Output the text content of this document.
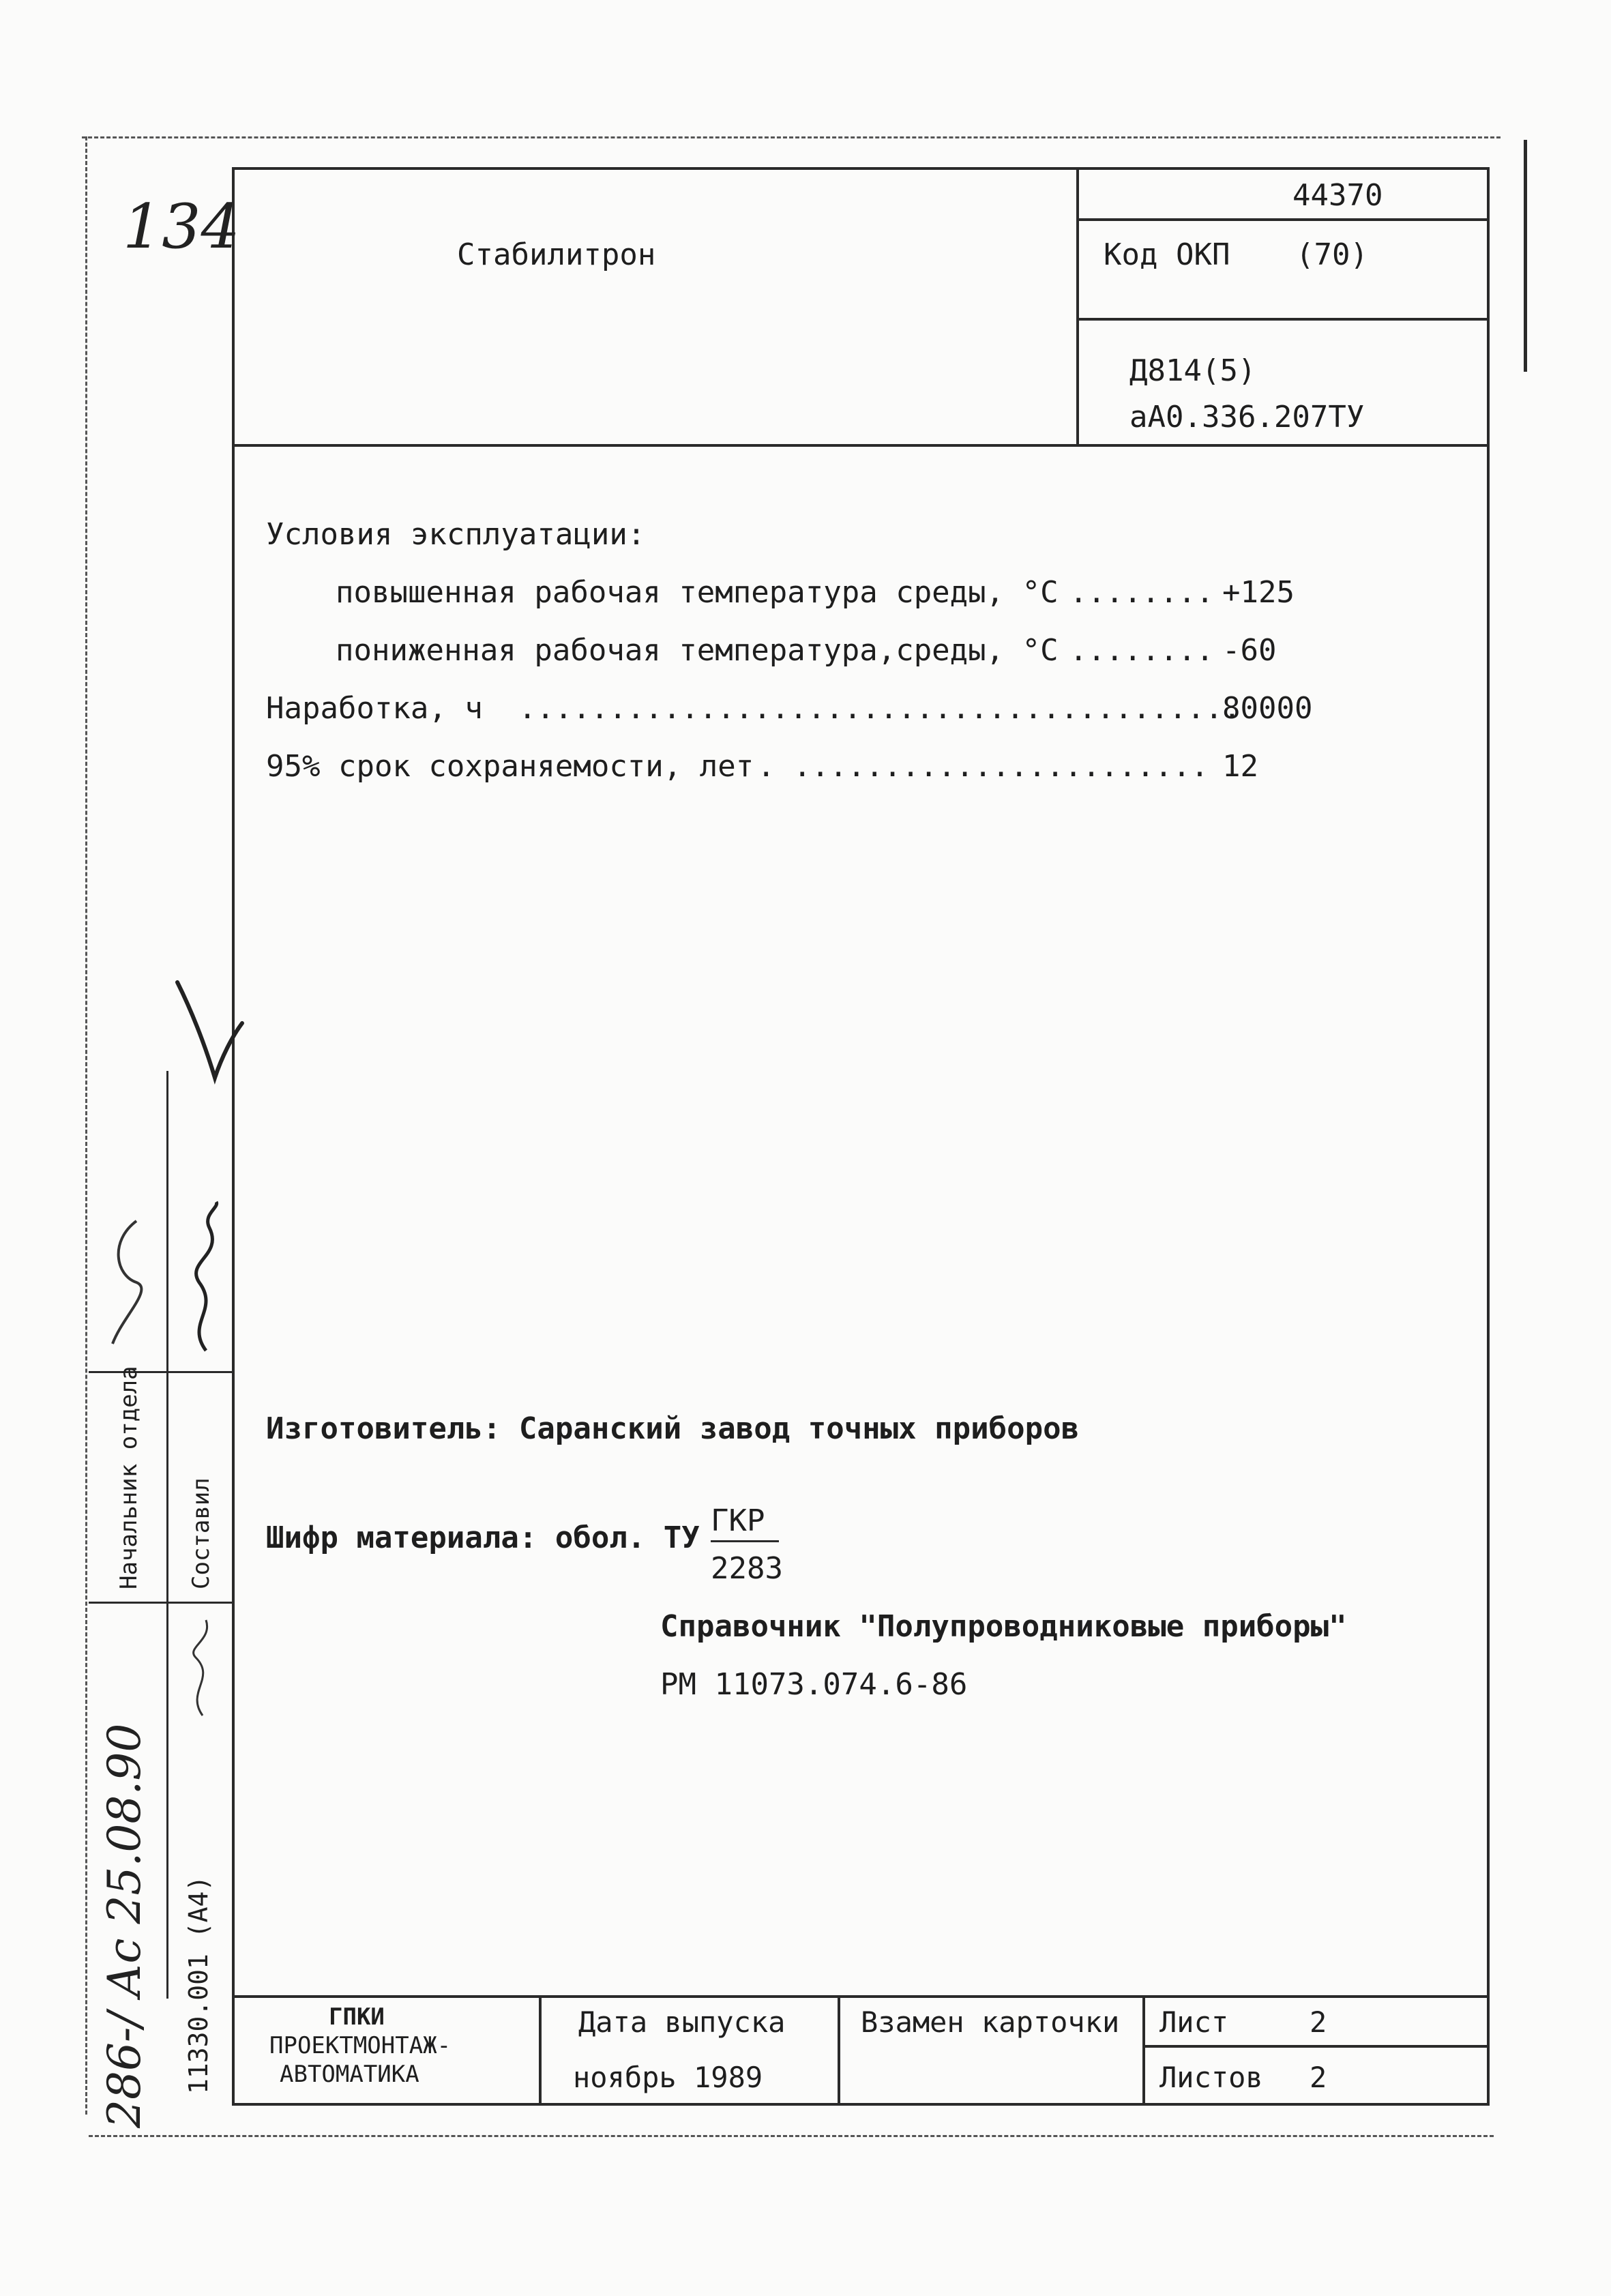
134	Стабилитрон
44370
Код ОКП (70)
Д814(5)
аА0.336.207ТУ
Условия эксплуатации:
повышенная рабочая температура среды, °C ........ +125
пониженная рабочая температура,среды, °C ........ -60
Наработка, ч ........................................
80000
95% срок сохраняемости, лет . ....................... 12
Изготовитель: Саранский завод точных приборов
Шифр материала: обол. ТУ ГКР
2283
Справочник "Полупроводниковые приборы"
РМ 11073.074.6-86
ГПКИ
ПРОЕКТМОНТАЖ-
АВТОМАТИКА
Дата выпуска
ноябрь 1989
Взамен карточки Лист	2
Листов 2
Начальник отдела Составил
11330.001 (А4)
286-/ Ас 25.08.90
